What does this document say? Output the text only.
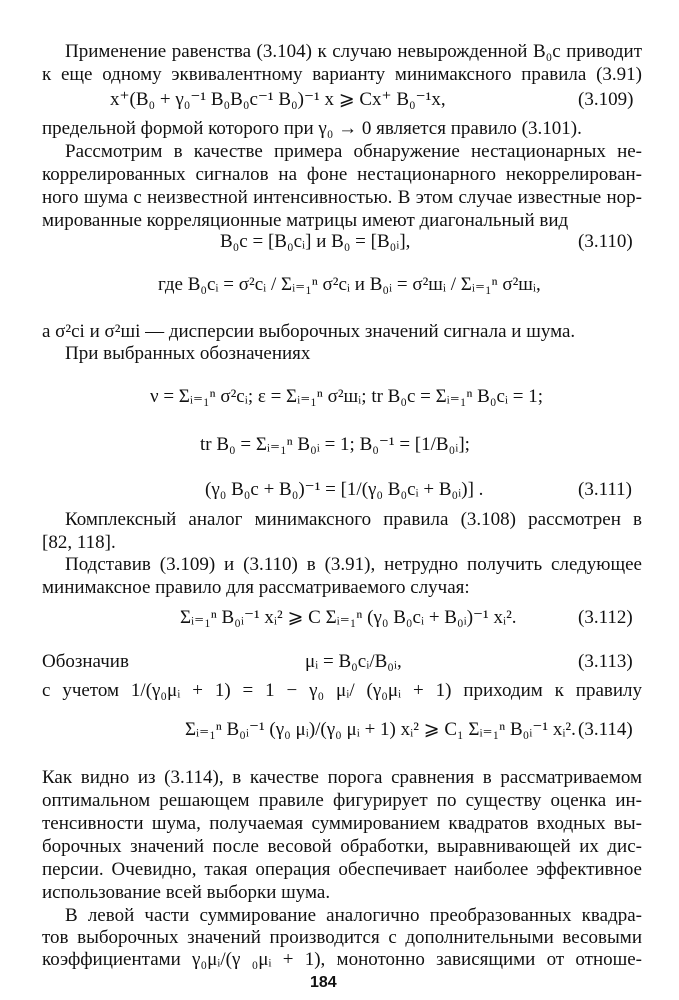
Применение равенства (3.104) к случаю невырожденной B₀c приводит
к еще одному эквивалентному варианту минимаксного правила (3.91)
x⁺(B₀ + γ₀⁻¹ B₀B₀c⁻¹ B₀)⁻¹ x ⩾ Cx⁺ B₀⁻¹x,	(3.109)
предельной формой которого при γ₀ → 0 является правило (3.101).
Рассмотрим в качестве примера обнаружение нестационарных не-
коррелированных сигналов на фоне нестационарного некоррелирован-
ного шума с неизвестной интенсивностью. В этом случае известные нор-
мированные корреляционные матрицы имеют диагональный вид
B₀c = [B₀cᵢ] и B₀ = [B₀ᵢ],	(3.110)
где B₀cᵢ = σ²cᵢ / Σᵢ₌₁ⁿ σ²cᵢ и B₀ᵢ = σ²шᵢ / Σᵢ₌₁ⁿ σ²шᵢ,
а σ²ci и σ²шi — дисперсии выборочных значений сигнала и шума.
При выбранных обозначениях
ν = Σᵢ₌₁ⁿ σ²cᵢ; ε = Σᵢ₌₁ⁿ σ²шᵢ; tr B₀c = Σᵢ₌₁ⁿ B₀cᵢ = 1;
tr B₀ = Σᵢ₌₁ⁿ B₀ᵢ = 1; B₀⁻¹ = [1/B₀ᵢ];
(γ₀ B₀c + B₀)⁻¹ = [1/(γ₀ B₀cᵢ + B₀ᵢ)] .	(3.111)
Комплексный аналог минимаксного правила (3.108) рассмотрен в
[82, 118].
Подставив (3.109) и (3.110) в (3.91), нетрудно получить следующее
минимаксное правило для рассматриваемого случая:
Σᵢ₌₁ⁿ B₀ᵢ⁻¹ xᵢ² ⩾ C Σᵢ₌₁ⁿ (γ₀ B₀cᵢ + B₀ᵢ)⁻¹ xᵢ².	(3.112)
Обозначив	μᵢ = B₀cᵢ/B₀ᵢ,	(3.113)
с учетом 1/(γ₀μᵢ + 1) = 1 − γ₀ μᵢ/ (γ₀μᵢ + 1) приходим к правилу
Σᵢ₌₁ⁿ B₀ᵢ⁻¹ (γ₀ μᵢ)/(γ₀ μᵢ + 1) xᵢ² ⩾ C₁ Σᵢ₌₁ⁿ B₀ᵢ⁻¹ xᵢ². (3.114)
Как видно из (3.114), в качестве порога сравнения в рассматриваемом
оптимальном решающем правиле фигурирует по существу оценка ин-
тенсивности шума, получаемая суммированием квадратов входных вы-
борочных значений после весовой обработки, выравнивающей их дис-
персии. Очевидно, такая операция обеспечивает наиболее эффективное
использование всей выборки шума.
В левой части суммирование аналогично преобразованных квадра-
тов выборочных значений производится с дополнительными весовыми
коэффициентами γ₀μᵢ/(γ ₀μᵢ + 1), монотонно зависящими от отноше-
184
